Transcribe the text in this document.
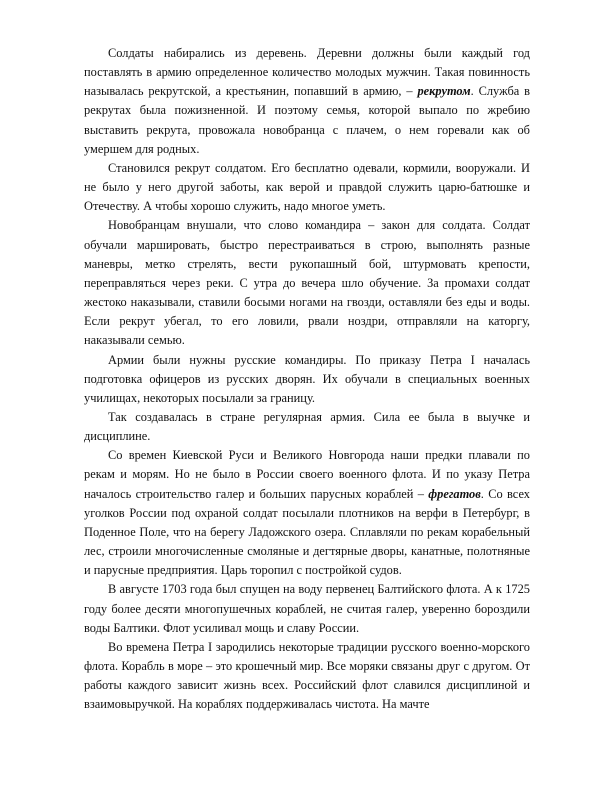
Солдаты набирались из деревень. Деревни должны были каждый год поставлять в армию определенное количество молодых мужчин. Такая повинность называлась рекрутской, а крестьянин, попавший в армию, – рекрутом. Служба в рекрутах была пожизненной. И поэтому семья, которой выпало по жребию выставить рекрута, провожала новобранца с плачем, о нем горевали как об умершем для родных.

Становился рекрут солдатом. Его бесплатно одевали, кормили, вооружали. И не было у него другой заботы, как верой и правдой служить царю-батюшке и Отечеству. А чтобы хорошо служить, надо многое уметь.

Новобранцам внушали, что слово командира – закон для солдата. Солдат обучали маршировать, быстро перестраиваться в строю, выполнять разные маневры, метко стрелять, вести рукопашный бой, штурмовать крепости, переправляться через реки. С утра до вечера шло обучение. За промахи солдат жестоко наказывали, ставили босыми ногами на гвозди, оставляли без еды и воды. Если рекрут убегал, то его ловили, рвали ноздри, отправляли на каторгу, наказывали семью.

Армии были нужны русские командиры. По приказу Петра I началась подготовка офицеров из русских дворян. Их обучали в специальных военных училищах, некоторых посылали за границу.

Так создавалась в стране регулярная армия. Сила ее была в выучке и дисциплине.

Со времен Киевской Руси и Великого Новгорода наши предки плавали по рекам и морям. Но не было в России своего военного флота. И по указу Петра началось строительство галер и больших парусных кораблей – фрегатов. Со всех уголков России под охраной солдат посылали плотников на верфи в Петербург, в Поденное Поле, что на берегу Ладожского озера. Сплавляли по рекам корабельный лес, строили многочисленные смоляные и дегтярные дворы, канатные, полотняные и парусные предприятия. Царь торопил с постройкой судов.

В августе 1703 года был спущен на воду первенец Балтийского флота. А к 1725 году более десяти многопушечных кораблей, не считая галер, уверенно бороздили воды Балтики. Флот усиливал мощь и славу России.

Во времена Петра I зародились некоторые традиции русского военно-морского флота. Корабль в море – это крошечный мир. Все моряки связаны друг с другом. От работы каждого зависит жизнь всех. Российский флот славился дисциплиной и взаимовыручкой. На кораблях поддерживалась чистота. На мачте
